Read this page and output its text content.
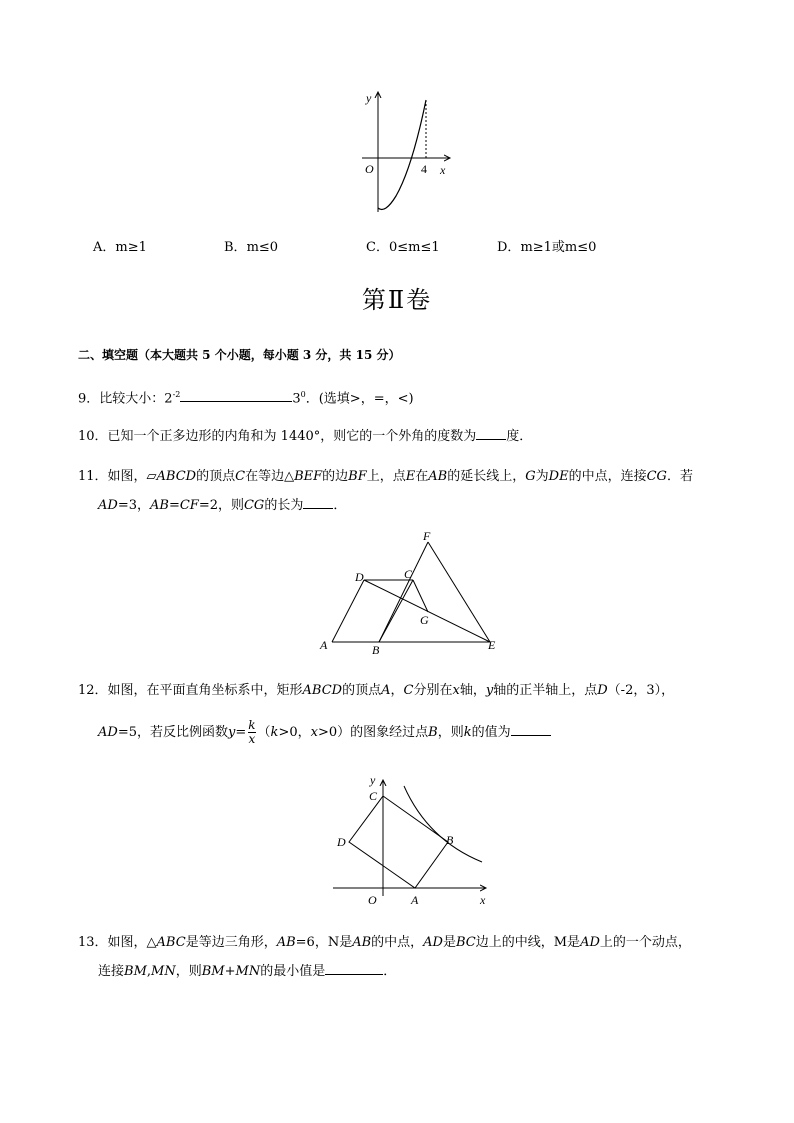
y
x
O	4
A．m≥1	B．m≤0	C．0≤m≤1	D．m≥1或m≤0
第Ⅱ卷
二、填空题（本大题共 5 个小题，每小题 3 分，共 15 分）
9．比较大小：$2^{-2}$	$3^0$．(选填>，=，<)
10．已知一个正多边形的内角和为 1440°，则它的一个外角的度数为 度．
11．如图，▱ABCD的顶点C在等边△BEF的边BF上，点E在AB的延长线上，G为DE的中点，连接CG．若
AD=3，AB=CF=2，则CG的长为 ．
F
D	C
G
A	B	E
12．如图，在平面直角坐标系中，矩形ABCD的顶点A，C分别在x轴，y轴的正半轴上，点D（-2，3），
AD=5，若反比例函数$y= \frac{k}{x} (k>0$，x>0）的图象经过点B，则k的值为
y
x
O
C
D	B
A
13．如图，△ABC是等边三角形，AB=6，N是AB的中点，AD是BC边上的中线，M是AD上的一个动点，
连接BM,MN，则BM+MN的最小值是	．
